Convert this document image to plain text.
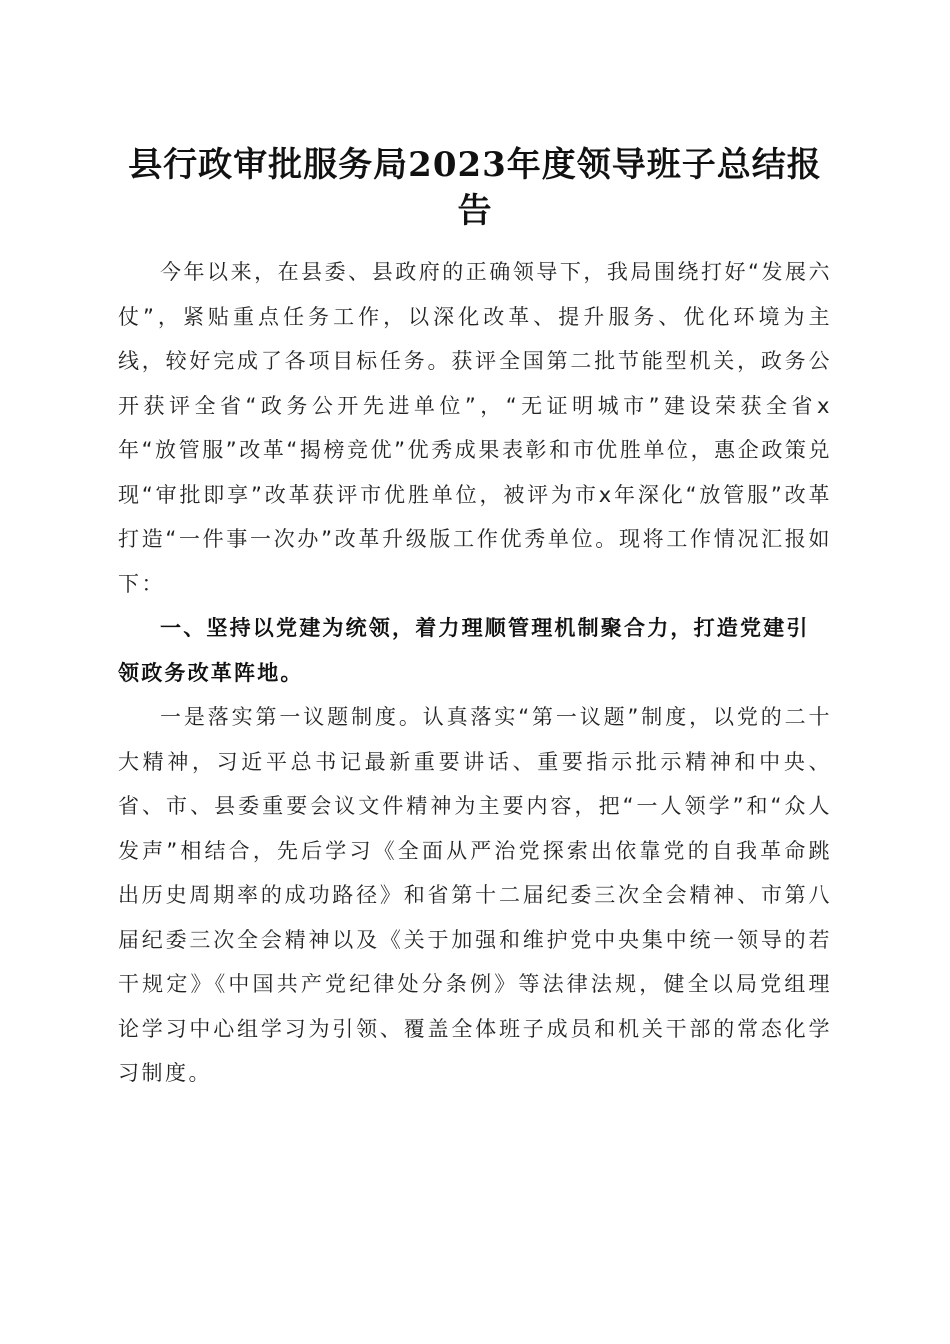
县行政审批服务局2023年度领导班子总结报告

今年以来，在县委、县政府的正确领导下，我局围绕打好“发展六仗”，紧贴重点任务工作，以深化改革、提升服务、优化环境为主线，较好完成了各项目标任务。获评全国第二批节能型机关，政务公开获评全省“政务公开先进单位”，“无证明城市”建设荣获全省x年“放管服”改革“揭榜竞优”优秀成果表彰和市优胜单位，惠企政策兑现“审批即享”改革获评市优胜单位，被评为市x年深化“放管服”改革打造“一件事一次办”改革升级版工作优秀单位。现将工作情况汇报如下：

一、坚持以党建为统领，着力理顺管理机制聚合力，打造党建引领政务改革阵地。

一是落实第一议题制度。认真落实“第一议题”制度，以党的二十大精神，习近平总书记最新重要讲话、重要指示批示精神和中央、省、市、县委重要会议文件精神为主要内容，把“一人领学”和“众人发声”相结合，先后学习《全面从严治党探索出依靠党的自我革命跳出历史周期率的成功路径》和省第十二届纪委三次全会精神、市第八届纪委三次全会精神以及《关于加强和维护党中央集中统一领导的若干规定》《中国共产党纪律处分条例》等法律法规，健全以局党组理论学习中心组学习为引领、覆盖全体班子成员和机关干部的常态化学习制度。
